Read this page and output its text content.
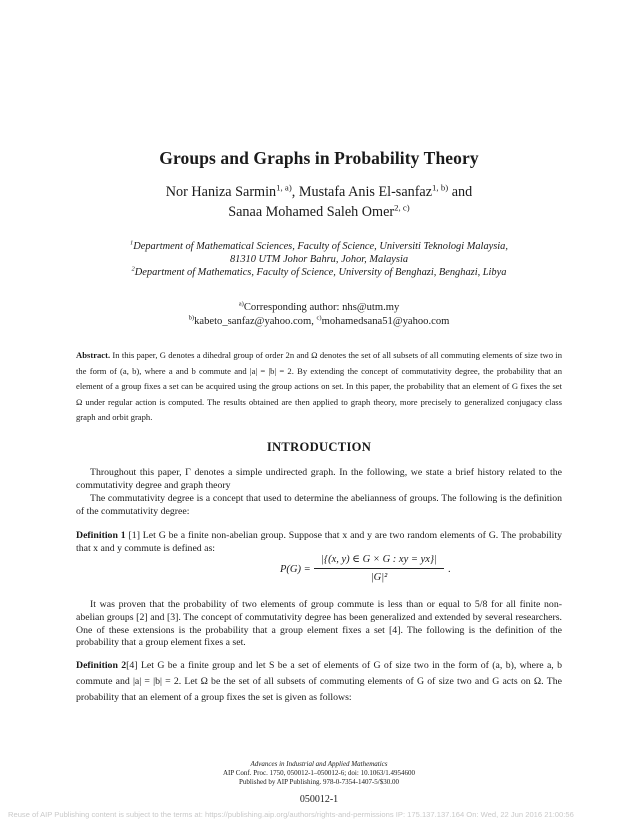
Groups and Graphs in Probability Theory
Nor Haniza Sarmin$^{1, a)}$, Mustafa Anis El-sanfaz$^{1, b)}$ and
Sanaa Mohamed Saleh Omer$^{2, c)}$
$^1$Department of Mathematical Sciences, Faculty of Science, Universiti Teknologi Malaysia,
81310 UTM Johor Bahru, Johor, Malaysia
$^2$Department of Mathematics, Faculty of Science, University of Benghazi, Benghazi, Libya
$^{a)}$Corresponding author: nhs@utm.my
$^{b)}$kabeto_sanfaz@yahoo.com, $^{c)}$mohamedsana51@yahoo.com
Abstract. In this paper, G denotes a dihedral group of order 2n and Ω denotes the set of all subsets of all commuting elements of size two in the form of (a, b), where a and b commute and |a| = |b| = 2. By extending the concept of commutativity degree, the probability that an element of a group fixes a set can be acquired using the group actions on set. In this paper, the probability that an element of G fixes the set Ω under regular action is computed. The results obtained are then applied to graph theory, more precisely to generalized conjugacy class graph and orbit graph.
INTRODUCTION
Throughout this paper, Γ denotes a simple undirected graph. In the following, we state a brief history related to the commutativity degree and graph theory
The commutativity degree is a concept that used to determine the abelianness of groups. The following is the definition of the commutativity degree:
Definition 1 [1] Let G be a finite non-abelian group. Suppose that x and y are two random elements of G. The probability that x and y commute is defined as:
$P(G) = \frac{|\{(x, y) \in G \times G : xy = yx\}|}{\text{|G|²}}$ .
It was proven that the probability of two elements of group commute is less than or equal to 5/8 for all finite non-abelian groups [2] and [3]. The concept of commutativity degree has been generalized and extended by several researchers. One of these extensions is the probability that a group element fixes a set [4]. The following is the definition of the probability that a group element fixes a set.
Definition 2[4] Let G be a finite group and let S be a set of elements of G of size two in the form of (a, b), where a, b commute and |a| = |b| = 2. Let Ω be the set of all subsets of commuting elements of G of size two and G acts on Ω. The probability that an element of a group fixes the set is given as follows:
Advances in Industrial and Applied Mathematics
AIP Conf. Proc. 1750, 050012-1–050012-6; doi: 10.1063/1.4954600
Published by AIP Publishing. 978-0-7354-1407-5/$30.00
050012-1
Reuse of AIP Publishing content is subject to the terms at: https://publishing.aip.org/authors/rights-and-permissions IP: 175.137.137.164 On: Wed, 22 Jun 2016 21:00:56
